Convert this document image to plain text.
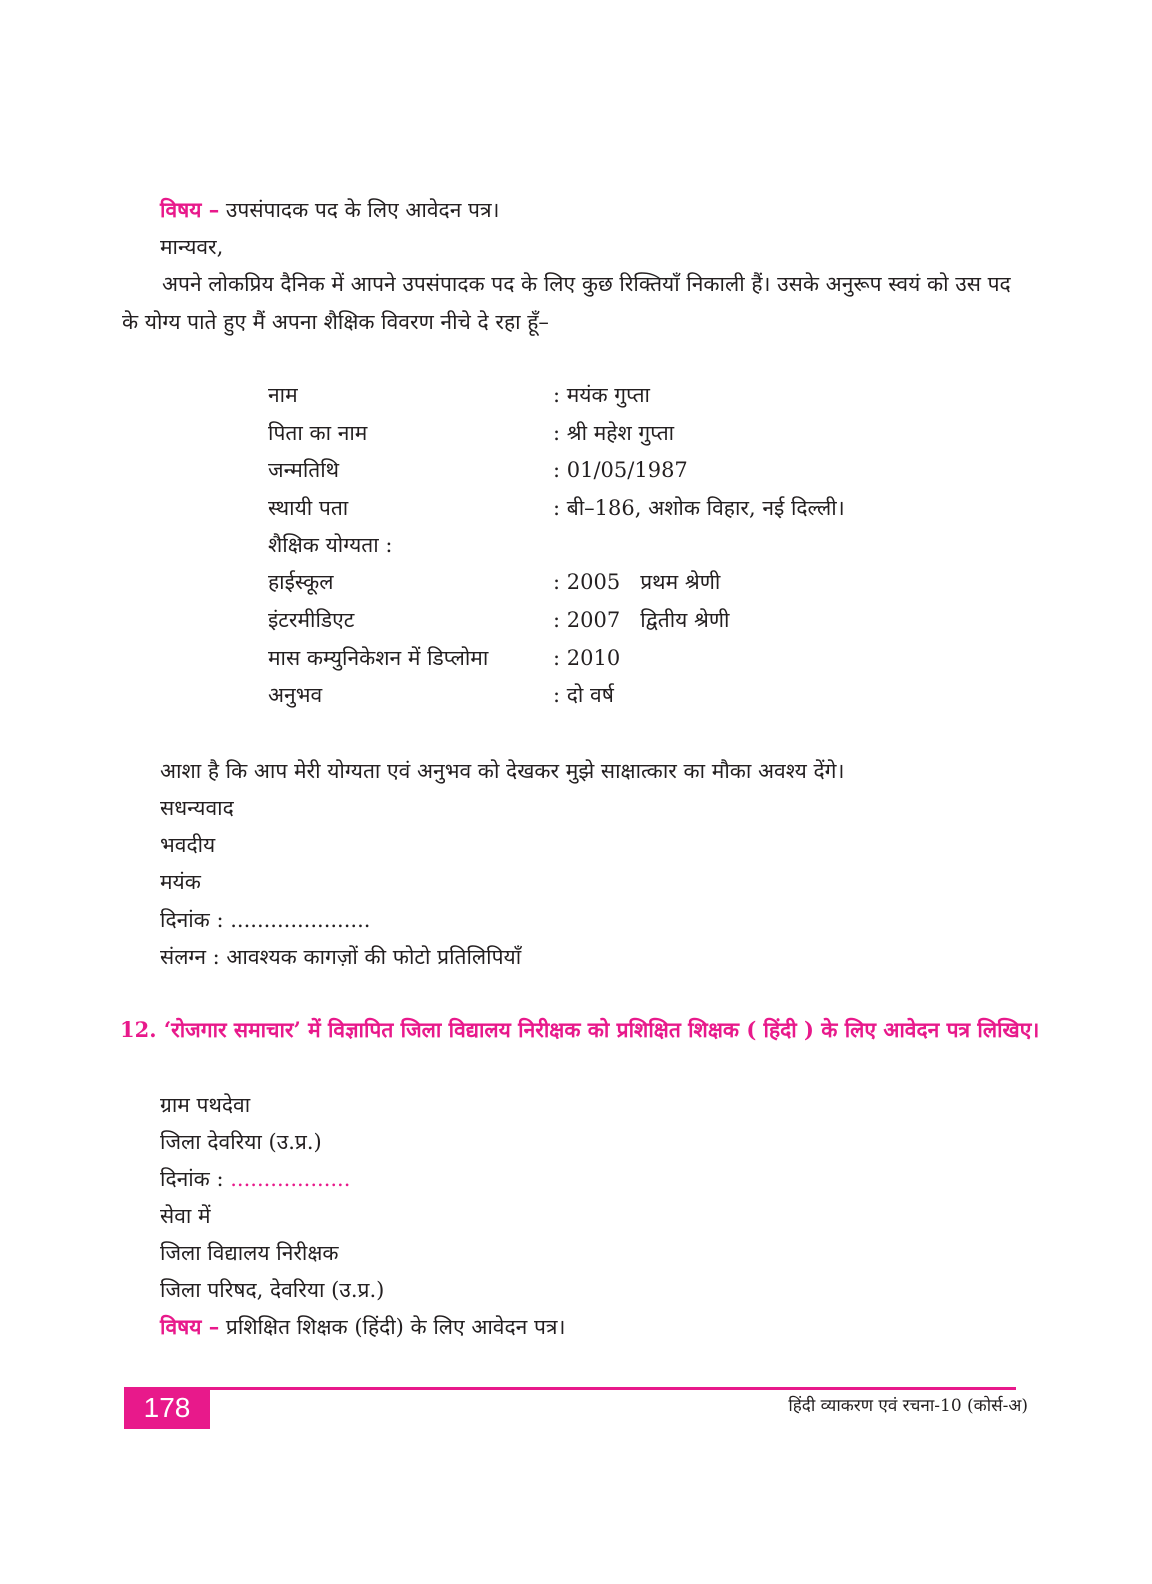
विषय – उपसंपादक पद के लिए आवेदन पत्र।
मान्यवर,
अपने लोकप्रिय दैनिक में आपने उपसंपादक पद के लिए कुछ रिक्तियाँ निकाली हैं। उसके अनुरूप स्वयं को उस पद के योग्य पाते हुए मैं अपना शैक्षिक विवरण नीचे दे रहा हूँ–
नाम	: मयंक गुप्ता
पिता का नाम	: श्री महेश गुप्ता
जन्मतिथि	: 01/05/1987
स्थायी पता	: बी–186, अशोक विहार, नई दिल्ली।
शैक्षिक योग्यता :
हाईस्कूल	: 2005   प्रथम श्रेणी
इंटरमीडिएट	: 2007   द्वितीय श्रेणी
मास कम्युनिकेशन में डिप्लोमा	: 2010
अनुभव	: दो वर्ष
आशा है कि आप मेरी योग्यता एवं अनुभव को देखकर मुझे साक्षात्कार का मौका अवश्य देंगे।
सधन्यवाद
भवदीय
मयंक
दिनांक : .....................
संलग्न : आवश्यक कागज़ों की फोटो प्रतिलिपियाँ
12. ‘रोजगार समाचार’ में विज्ञापित जिला विद्यालय निरीक्षक को प्रशिक्षित शिक्षक ( हिंदी ) के लिए आवेदन पत्र लिखिए।
ग्राम पथदेवा
जिला देवरिया (उ.प्र.)
दिनांक : ..................
सेवा में
जिला विद्यालय निरीक्षक
जिला परिषद, देवरिया (उ.प्र.)
विषय – प्रशिक्षित शिक्षक (हिंदी) के लिए आवेदन पत्र।
178	हिंदी व्याकरण एवं रचना-10 (कोर्स-अ)
